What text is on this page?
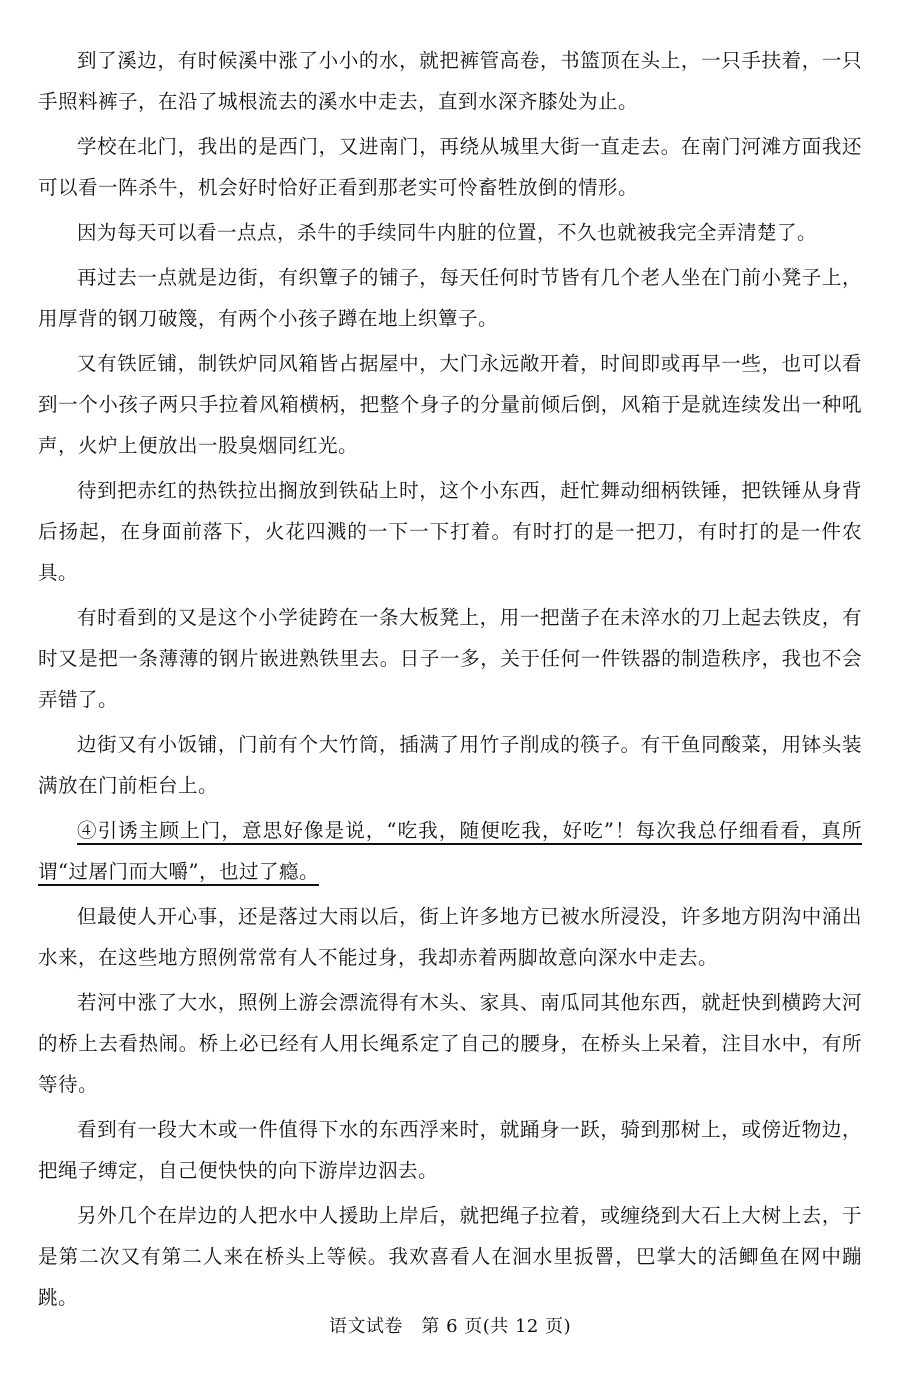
到了溪边，有时候溪中涨了小小的水，就把裤管高卷，书篮顶在头上，一只手扶着，一只手照料裤子，在沿了城根流去的溪水中走去，直到水深齐膝处为止。

学校在北门，我出的是西门，又进南门，再绕从城里大街一直走去。在南门河滩方面我还可以看一阵杀牛，机会好时恰好正看到那老实可怜畜牲放倒的情形。

因为每天可以看一点点，杀牛的手续同牛内脏的位置，不久也就被我完全弄清楚了。

再过去一点就是边街，有织簟子的铺子，每天任何时节皆有几个老人坐在门前小凳子上，用厚背的钢刀破篾，有两个小孩子蹲在地上织簟子。

又有铁匠铺，制铁炉同风箱皆占据屋中，大门永远敞开着，时间即或再早一些，也可以看到一个小孩子两只手拉着风箱横柄，把整个身子的分量前倾后倒，风箱于是就连续发出一种吼声，火炉上便放出一股臭烟同红光。

待到把赤红的热铁拉出搁放到铁砧上时，这个小东西，赶忙舞动细柄铁锤，把铁锤从身背后扬起，在身面前落下，火花四溅的一下一下打着。有时打的是一把刀，有时打的是一件农具。

有时看到的又是这个小学徒跨在一条大板凳上，用一把凿子在未淬水的刀上起去铁皮，有时又是把一条薄薄的钢片嵌进熟铁里去。日子一多，关于任何一件铁器的制造秩序，我也不会弄错了。

边街又有小饭铺，门前有个大竹筒，插满了用竹子削成的筷子。有干鱼同酸菜，用钵头装满放在门前柜台上。

④引诱主顾上门，意思好像是说，“吃我，随便吃我，好吃”！每次我总仔细看看，真所谓“过屠门而大嚼”，也过了瘾。

但最使人开心事，还是落过大雨以后，街上许多地方已被水所浸没，许多地方阴沟中涌出水来，在这些地方照例常常有人不能过身，我却赤着两脚故意向深水中走去。

若河中涨了大水，照例上游会漂流得有木头、家具、南瓜同其他东西，就赶快到横跨大河的桥上去看热闹。桥上必已经有人用长绳系定了自己的腰身，在桥头上呆着，注目水中，有所等待。

看到有一段大木或一件值得下水的东西浮来时，就踊身一跃，骑到那树上，或傍近物边，把绳子缚定，自己便快快的向下游岸边泅去。

另外几个在岸边的人把水中人援助上岸后，就把绳子拉着，或缠绕到大石上大树上去，于是第二次又有第二人来在桥头上等候。我欢喜看人在洄水里扳罾，巴掌大的活鲫鱼在网中蹦跳。

语文试卷　第 6 页(共 12 页)
